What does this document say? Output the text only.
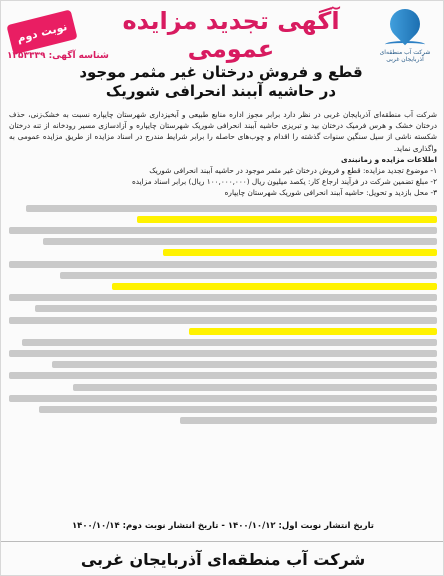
شرکت آب منطقه‌ای آذربایجان غربی
نوبت دوم
شناسه آگهی: ۱۲۵۳۳۳۹
آگهی تجدید مزایده عمومی
قطع و فروش درختان غیر مثمر موجود در حاشیه آببند انحرافی شوریک

شرکت آب منطقه‌ای آذربایجان غربی در نظر دارد برابر مجوز اداره منابع طبیعی و آبخیزداری شهرستان چایپاره نسبت به خشک‌زنی، حذف درختان خشک و هرس فرمیک درختان بید و تبریزی حاشیه آببند انحرافی شوریک شهرستان چایپاره و آزادسازی مسیر رودخانه از تنه درختان شکسته ناشی از سیل سنگین سنوات گذشته را اقدام و چوب‌های حاصله را برابر شرایط مندرج در اسناد مزایده از طریق مزایده عمومی به واگذاری نماید.

اطلاعات مزایده و زمانبندی

۱- موضوع تجدید مزایده: قطع و فروش درختان غیر مثمر موجود در حاشیه آببند انحرافی شوریک

۲- مبلغ تضمین شرکت در فرآیند ارجاع کار: یکصد میلیون ریال (۱۰۰,۰۰۰,۰۰۰ ریال) برابر اسناد مزایده

۳- محل بازدید و تحویل: حاشیه آببند انحرافی شوریک شهرستان چایپاره

تاریخ انتشار نوبت اول: ۱۴۰۰/۱۰/۱۲ - تاریخ انتشار نوبت دوم: ۱۴۰۰/۱۰/۱۴
شرکت آب منطقه‌ای آذربایجان غربی
